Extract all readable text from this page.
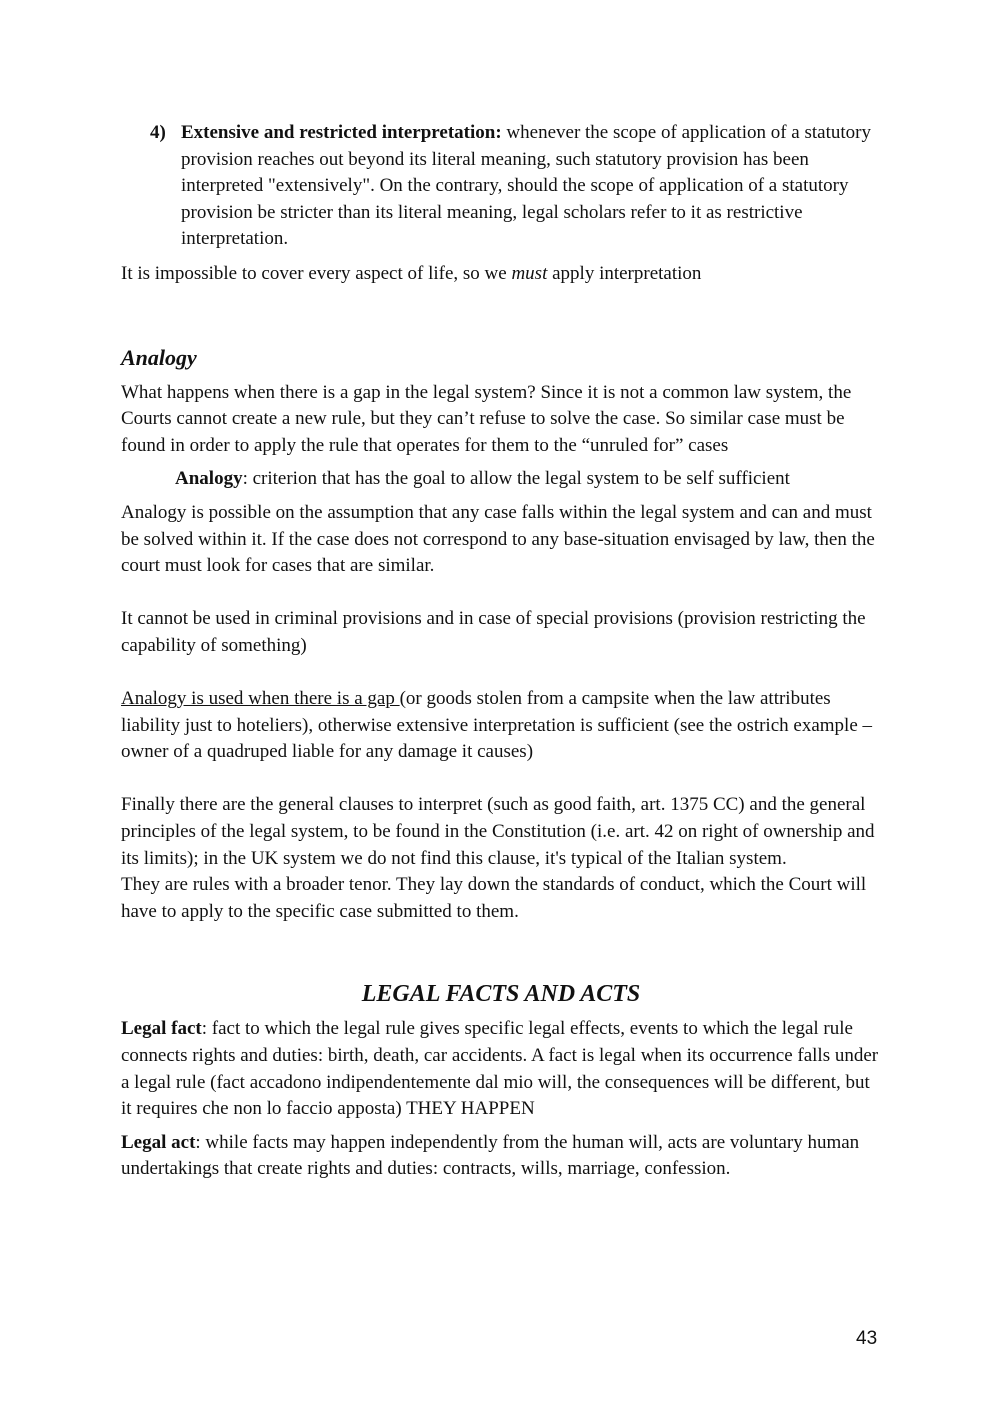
4) Extensive and restricted interpretation: whenever the scope of application of a statutory provision reaches out beyond its literal meaning, such statutory provision has been interpreted "extensively". On the contrary, should the scope of application of a statutory provision be stricter than its literal meaning, legal scholars refer to it as restrictive interpretation.

It is impossible to cover every aspect of life, so we must apply interpretation

Analogy

What happens when there is a gap in the legal system? Since it is not a common law system, the Courts cannot create a new rule, but they can’t refuse to solve the case. So similar case must be found in order to apply the rule that operates for them to the “unruled for” cases

Analogy: criterion that has the goal to allow the legal system to be self sufficient

Analogy is possible on the assumption that any case falls within the legal system and can and must be solved within it. If the case does not correspond to any base-situation envisaged by law, then the court must look for cases that are similar.

It cannot be used in criminal provisions and in case of special provisions (provision restricting the capability of something)

Analogy is used when there is a gap (or goods stolen from a campsite when the law attributes liability just to hoteliers), otherwise extensive interpretation is sufficient (see the ostrich example – owner of a quadruped liable for any damage it causes)

Finally there are the general clauses to interpret (such as good faith, art. 1375 CC) and the general principles of the legal system, to be found in the Constitution (i.e. art. 42 on right of ownership and its limits); in the UK system we do not find this clause, it's typical of the Italian system.

They are rules with a broader tenor. They lay down the standards of conduct, which the Court will have to apply to the specific case submitted to them.

LEGAL FACTS AND ACTS

Legal fact: fact to which the legal rule gives specific legal effects, events to which the legal rule connects rights and duties: birth, death, car accidents. A fact is legal when its occurrence falls under a legal rule (fact accadono indipendentemente dal mio will, the consequences will be different, but it requires che non lo faccio apposta) THEY HAPPEN

Legal act: while facts may happen independently from the human will, acts are voluntary human undertakings that create rights and duties: contracts, wills, marriage, confession.

43
